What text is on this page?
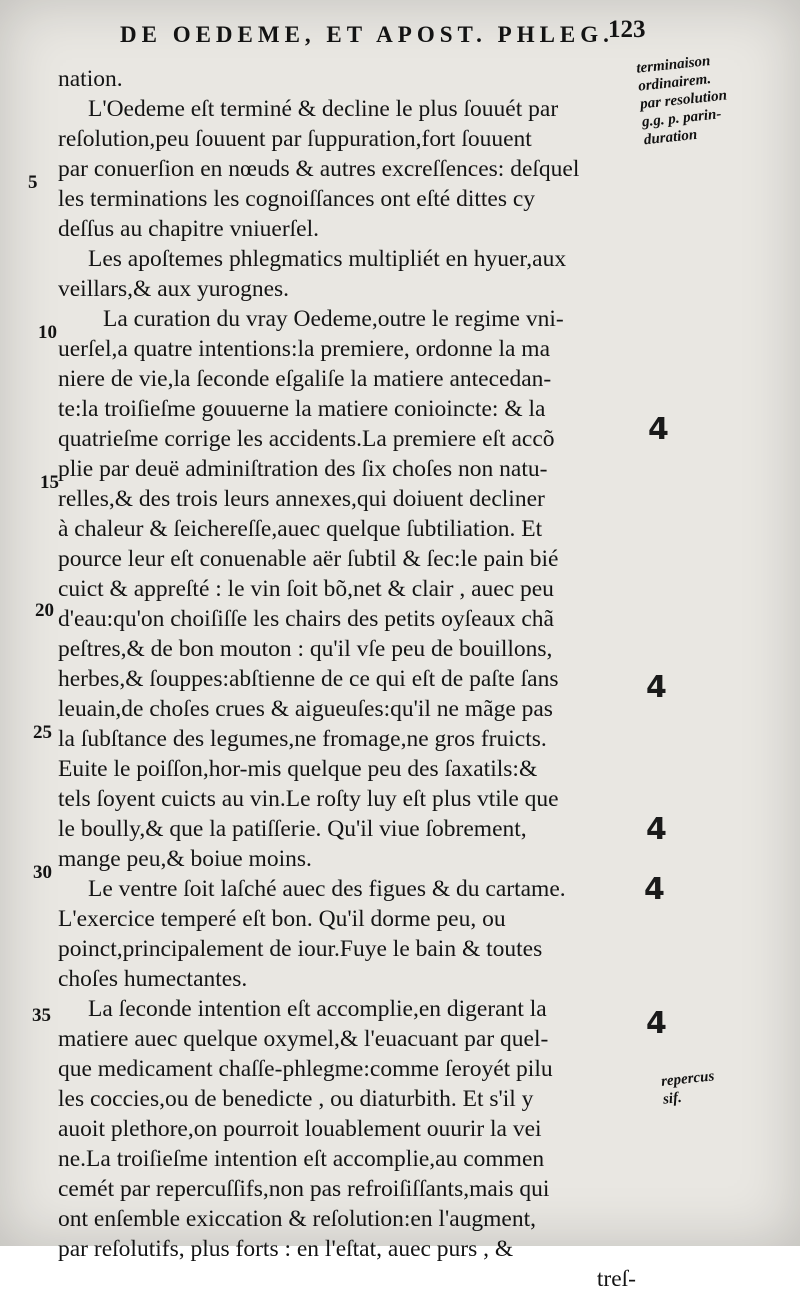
DE OEDEME, ET APOST. PHLEG.
123
nation.
L'Oedeme eſt terminé & decline le plus ſouuét par
reſolution,peu ſouuent par ſuppuration,fort ſouuent
par conuerſion en nœuds & autres excreſſences: deſquel
les terminations les cognoiſſances ont eſté dittes cy
deſſus au chapitre vniuerſel.
Les apoſtemes phlegmatics multipliét en hyuer,aux
veillars,& aux yurognes.
La curation du vray Oedeme,outre le regime vni-
uerſel,a quatre intentions:la premiere, ordonne la ma
niere de vie,la ſeconde eſgaliſe la matiere antecedan-
te:la troiſieſme gouuerne la matiere conioincte: & la
quatrieſme corrige les accidents.La premiere eſt accõ
plie par deuë adminiſtration des ſix choſes non natu-
relles,& des trois leurs annexes,qui doiuent decliner
à chaleur & ſeichereſſe,auec quelque ſubtiliation. Et
pource leur eſt conuenable aër ſubtil & ſec:le pain bié
cuict & appreſté : le vin ſoit bõ,net & clair , auec peu
d'eau:qu'on choiſiſſe les chairs des petits oyſeaux chã
peſtres,& de bon mouton : qu'il vſe peu de bouillons,
herbes,& ſouppes:abſtienne de ce qui eſt de paſte ſans
leuain,de choſes crues & aigueuſes:qu'il ne mãge pas
la ſubſtance des legumes,ne fromage,ne gros fruicts.
Euite le poiſſon,hor-mis quelque peu des ſaxatils:&
tels ſoyent cuicts au vin.Le roſty luy eſt plus vtile que
le boully,& que la patiſſerie. Qu'il viue ſobrement,
mange peu,& boiue moins.
Le ventre ſoit laſché auec des figues & du cartame.
L'exercice temperé eſt bon. Qu'il dorme peu, ou
poinct,principalement de iour.Fuye le bain & toutes
choſes humectantes.
La ſeconde intention eſt accomplie,en digerant la
matiere auec quelque oxymel,& l'euacuant par quel-
que medicament chaſſe-phlegme:comme ſeroyét pilu
les coccies,ou de benedicte , ou diaturbith. Et s'il y
auoit plethore,on pourroit louablement ouurir la vei
ne.La troiſieſme intention eſt accomplie,au commen
cemét par repercuſſifs,non pas refroiſiſſants,mais qui
ont enſemble exiccation & reſolution:en l'augment,
par reſolutifs, plus forts : en l'eſtat, auec purs , &
treſ-
5
10
15
20
25
30
35
terminaison
ordinairem.
par resolution
g.g. p. parin-
duration
repercus
sif.
4
4
4
4
4
